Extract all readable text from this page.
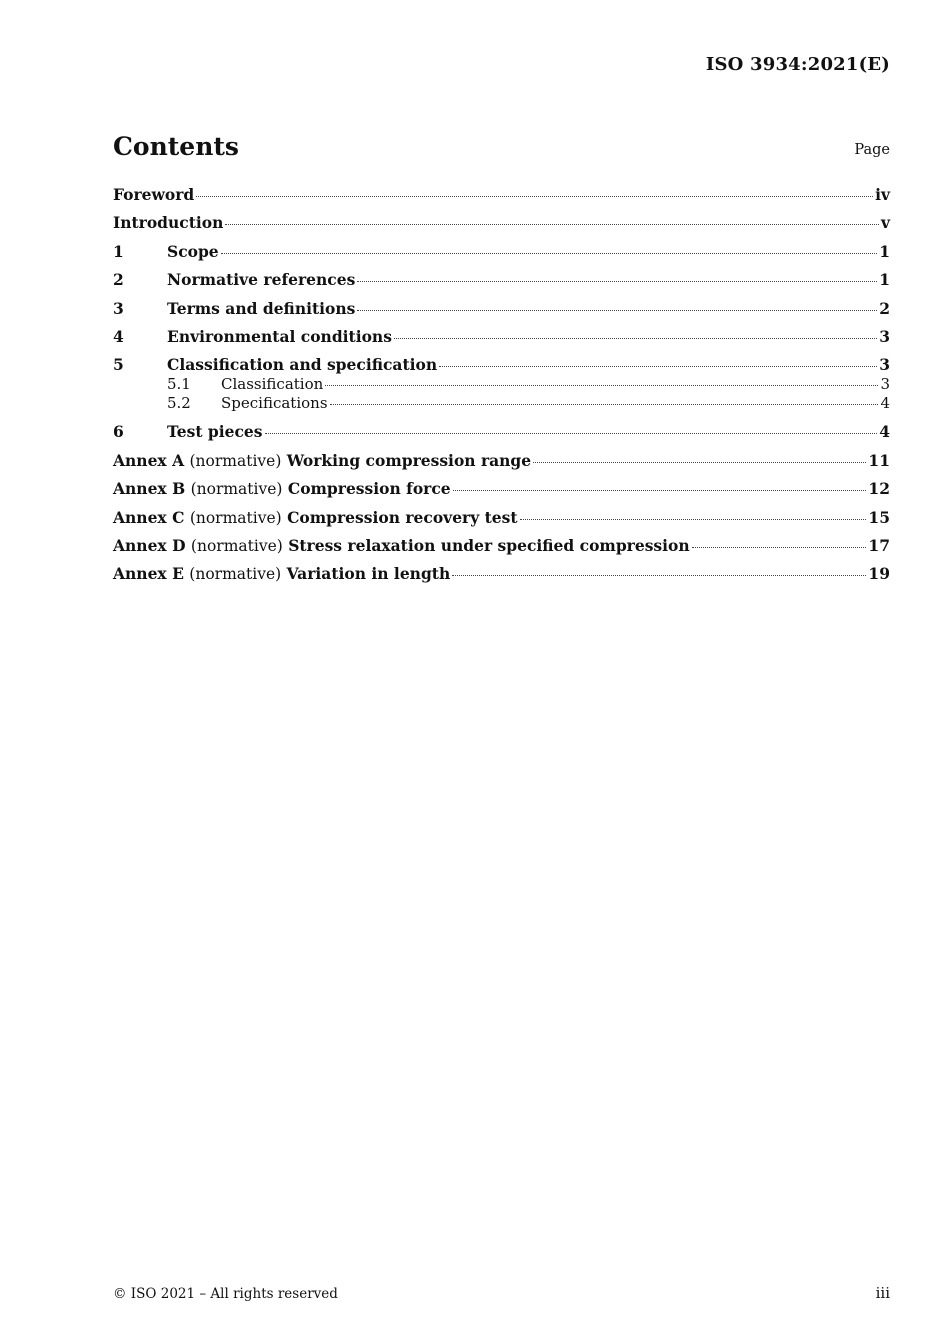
ISO 3934:2021(E)
Contents	Page
Foreword	iv
Introduction	v
1	Scope	1
2	Normative references	1
3	Terms and definitions	2
4	Environmental conditions	3
5	Classification and specification	3
5.1	Classification	3
5.2	Specifications	4
6	Test pieces	4
Annex A (normative) Working compression range	11
Annex B (normative) Compression force	12
Annex C (normative) Compression recovery test	15
Annex D (normative) Stress relaxation under specified compression	17
Annex E (normative) Variation in length	19
© ISO 2021 – All rights reserved	iii
